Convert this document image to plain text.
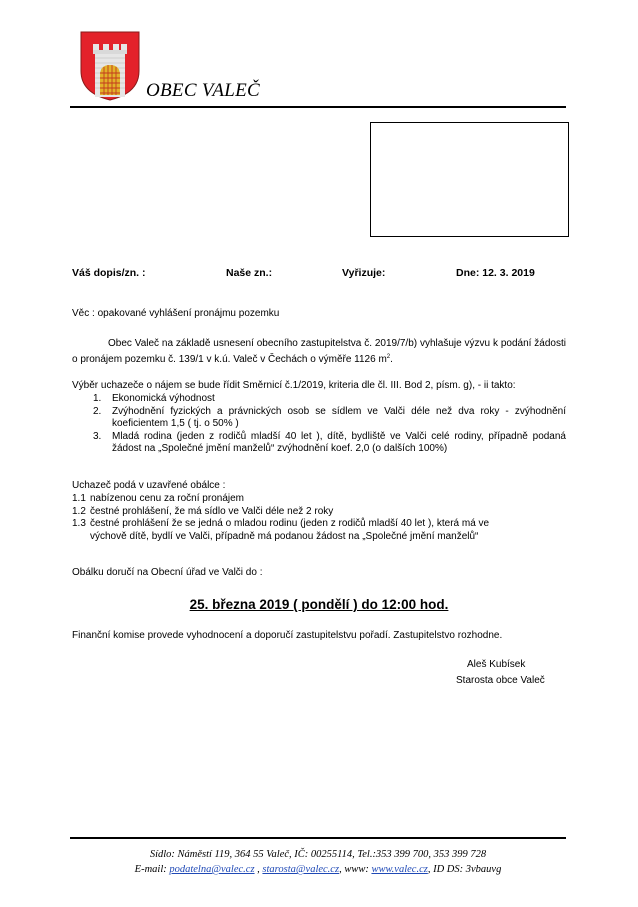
OBEC VALEČ
Váš dopis/zn. :	Naše zn.:	Vyřizuje:	Dne: 12. 3. 2019
Věc : opakované vyhlášení pronájmu pozemku
Obec Valeč na základě usnesení obecního zastupitelstva č. 2019/7/b) vyhlašuje výzvu k podání žádosti o pronájem pozemku č. 139/1 v k.ú. Valeč v Čechách o výměře 1126 $m^2$.
Výběr uchazeče o nájem se bude řídit Směrnicí č.1/2019, kriteria dle čl. III. Bod 2, písm. g), - ii takto:
1. Ekonomická výhodnost
2. Zvýhodnění fyzických a právnických osob se sídlem ve Valči déle než dva roky - zvýhodnění koeficientem 1,5 ( tj. o 50% )
3. Mladá rodina (jeden z rodičů mladší 40 let ), dítě, bydliště ve Valči celé rodiny, případně podaná žádost na „Společné jmění manželů“ zvýhodnění koef. 2,0 (o dalších 100%)
Uchazeč podá v uzavřené obálce :
1.1 nabízenou cenu za roční pronájem
1.2 čestné prohlášení, že má sídlo ve Valči déle než 2 roky
1.3 čestné prohlášení že se jedná o mladou rodinu (jeden z rodičů mladší 40 let ), která má ve výchově dítě, bydlí ve Valči, případně má podanou žádost na „Společné jmění manželů“
Obálku doručí na Obecní úřad ve Valči do :
25. března 2019 ( pondělí ) do 12:00 hod.
Finanční komise provede vyhodnocení a doporučí zastupitelstvu pořadí. Zastupitelstvo rozhodne.
Aleš Kubísek
Starosta obce Valeč
Sídlo: Náměstí 119, 364 55 Valeč, IČ: 00255114, Tel.:353 399 700, 353 399 728
E-mail: podatelna@valec.cz , starosta@valec.cz, www: www.valec.cz, ID DS: 3vbauvg
